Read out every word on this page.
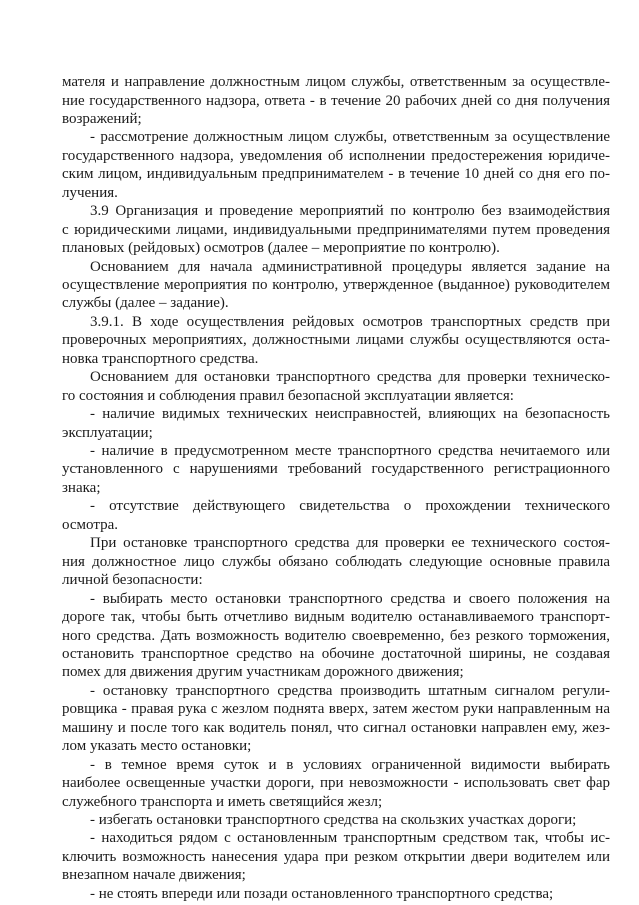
мателя и направление должностным лицом службы, ответственным за осуществле-
ние государственного надзора, ответа - в течение 20 рабочих дней со дня получения
возражений;
- рассмотрение должностным лицом службы, ответственным за осуществление
государственного надзора, уведомления об исполнении предостережения юридиче-
ским лицом, индивидуальным предпринимателем - в течение 10 дней со дня его по-
лучения.
3.9 Организация и проведение мероприятий по контролю без взаимодействия
с юридическими лицами, индивидуальными предпринимателями путем проведения
плановых (рейдовых) осмотров (далее – мероприятие по контролю).
Основанием для начала административной процедуры является задание на
осуществление мероприятия по контролю, утвержденное (выданное) руководителем
службы (далее – задание).
3.9.1. В ходе осуществления рейдовых осмотров транспортных средств при
проверочных мероприятиях, должностными лицами службы осуществляются оста-
новка транспортного средства.
Основанием для остановки транспортного средства для проверки техническо-
го состояния и соблюдения правил безопасной эксплуатации является:
- наличие видимых технических неисправностей, влияющих на безопасность
эксплуатации;
- наличие в предусмотренном месте транспортного средства нечитаемого или
установленного с нарушениями требований государственного регистрационного
знака;
- отсутствие действующего свидетельства о прохождении технического
осмотра.
При остановке транспортного средства для проверки ее технического состоя-
ния должностное лицо службы обязано соблюдать следующие основные правила
личной безопасности:
- выбирать место остановки транспортного средства и своего положения на
дороге так, чтобы быть отчетливо видным водителю останавливаемого транспорт-
ного средства. Дать возможность водителю своевременно, без резкого торможения,
остановить транспортное средство на обочине достаточной ширины, не создавая
помех для движения другим участникам дорожного движения;
- остановку транспортного средства производить штатным сигналом регули-
ровщика - правая рука с жезлом поднята вверх, затем жестом руки направленным на
машину и после того как водитель понял, что сигнал остановки направлен ему, жез-
лом указать место остановки;
- в темное время суток и в условиях ограниченной видимости выбирать
наиболее освещенные участки дороги, при невозможности - использовать свет фар
служебного транспорта и иметь светящийся жезл;
- избегать остановки транспортного средства на скользких участках дороги;
- находиться рядом с остановленным транспортным средством так, чтобы ис-
ключить возможность нанесения удара при резком открытии двери водителем или
внезапном начале движения;
- не стоять впереди или позади остановленного транспортного средства;
